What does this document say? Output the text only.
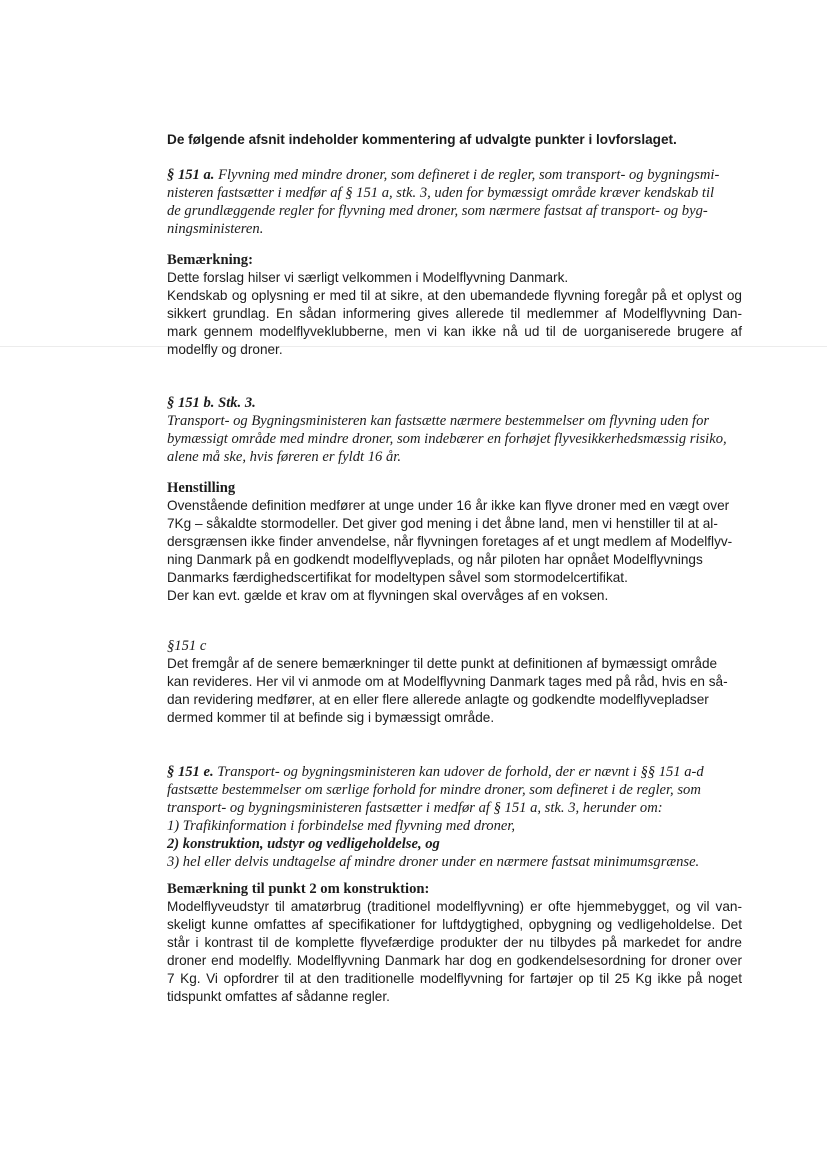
De følgende afsnit indeholder kommentering af udvalgte punkter i lovforslaget.
§ 151 a. Flyvning med mindre droner, som defineret i de regler, som transport- og bygningsmi-
nisteren fastsætter i medfør af § 151 a, stk. 3, uden for bymæssigt område kræver kendskab til
de grundlæggende regler for flyvning med droner, som nærmere fastsat af transport- og byg-
ningsministeren.
Bemærkning:
Dette forslag hilser vi særligt velkommen i Modelflyvning Danmark.
Kendskab og oplysning er med til at sikre, at den ubemandede flyvning foregår på et oplyst og
sikkert grundlag. En sådan informering gives allerede til medlemmer af Modelflyvning Dan-
mark gennem modelflyveklubberne, men vi kan ikke nå ud til de uorganiserede brugere af
modelfly og droner.
§ 151 b. Stk. 3.
Transport- og Bygningsministeren kan fastsætte nærmere bestemmelser om flyvning uden for
bymæssigt område med mindre droner, som indebærer en forhøjet flyvesikkerhedsmæssig risiko,
alene må ske, hvis føreren er fyldt 16 år.
Henstilling
Ovenstående definition medfører at unge under 16 år ikke kan flyve droner med en vægt over
7Kg – såkaldte stormodeller. Det giver god mening i det åbne land, men vi henstiller til at al-
dersgrænsen ikke finder anvendelse, når flyvningen foretages af et ungt medlem af Modelflyv-
ning Danmark på en godkendt modelflyveplads, og når piloten har opnået Modelflyvnings
Danmarks færdighedscertifikat for modeltypen såvel som stormodelcertifikat.
Der kan evt. gælde et krav om at flyvningen skal overvåges af en voksen.
§151 c
Det fremgår af de senere bemærkninger til dette punkt at definitionen af bymæssigt område
kan revideres. Her vil vi anmode om at Modelflyvning Danmark tages med på råd, hvis en så-
dan revidering medfører, at en eller flere allerede anlagte og godkendte modelflyvepladser
dermed kommer til at befinde sig i bymæssigt område.
§ 151 e. Transport- og bygningsministeren kan udover de forhold, der er nævnt i §§ 151 a-d
fastsætte bestemmelser om særlige forhold for mindre droner, som defineret i de regler, som
transport- og bygningsministeren fastsætter i medfør af § 151 a, stk. 3, herunder om:
1) Trafikinformation i forbindelse med flyvning med droner,
2) konstruktion, udstyr og vedligeholdelse, og
3) hel eller delvis undtagelse af mindre droner under en nærmere fastsat minimumsgrænse.
Bemærkning til punkt 2 om konstruktion:
Modelflyveudstyr til amatørbrug (traditionel modelflyvning) er ofte hjemmebygget, og vil van-
skeligt kunne omfattes af specifikationer for luftdygtighed, opbygning og vedligeholdelse. Det
står i kontrast til de komplette flyvefærdige produkter der nu tilbydes på markedet for andre
droner end modelfly. Modelflyvning Danmark har dog en godkendelsesordning for droner over
7 Kg. Vi opfordrer til at den traditionelle modelflyvning for fartøjer op til 25 Kg ikke på noget
tidspunkt omfattes af sådanne regler.
